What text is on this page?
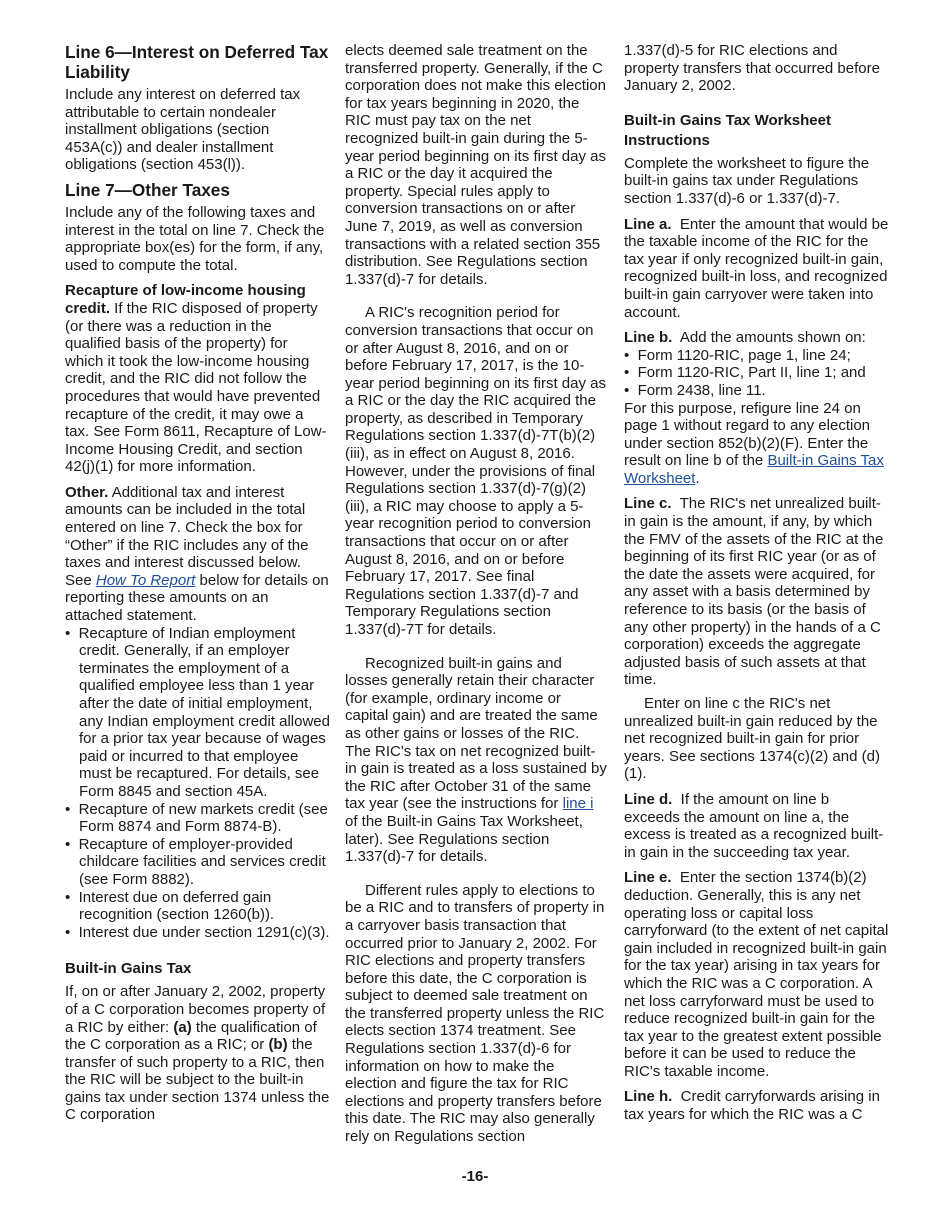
Line 6—Interest on Deferred Tax Liability

Include any interest on deferred tax attributable to certain nondealer installment obligations (section 453A(c)) and dealer installment obligations (section 453(l)).

Line 7—Other Taxes

Include any of the following taxes and interest in the total on line 7. Check the appropriate box(es) for the form, if any, used to compute the total.

Recapture of low-income housing credit. If the RIC disposed of property (or there was a reduction in the qualified basis of the property) for which it took the low-income housing credit, and the RIC did not follow the procedures that would have prevented recapture of the credit, it may owe a tax. See Form 8611, Recapture of Low-Income Housing Credit, and section 42(j)(1) for more information.

Other. Additional tax and interest amounts can be included in the total entered on line 7. Check the box for “Other” if the RIC includes any of the taxes and interest discussed below. See How To Report below for details on reporting these amounts on an attached statement.

•  Recapture of Indian employment credit. Generally, if an employer terminates the employment of a qualified employee less than 1 year after the date of initial employment, any Indian employment credit allowed for a prior tax year because of wages paid or incurred to that employee must be recaptured. For details, see Form 8845 and section 45A.

•  Recapture of new markets credit (see Form 8874 and Form 8874-B).

•  Recapture of employer-provided childcare facilities and services credit (see Form 8882).

•  Interest due on deferred gain recognition (section 1260(b)).

•  Interest due under section 1291(c)(3).

Built-in Gains Tax

If, on or after January 2, 2002, property of a C corporation becomes property of a RIC by either: (a) the qualification of the C corporation as a RIC; or (b) the transfer of such property to a RIC, then the RIC will be subject to the built-in gains tax under section 1374 unless the C corporation

elects deemed sale treatment on the transferred property. Generally, if the C corporation does not make this election for tax years beginning in 2020, the RIC must pay tax on the net recognized built-in gain during the 5-year period beginning on its first day as a RIC or the day it acquired the property. Special rules apply to conversion transactions on or after June 7, 2019, as well as conversion transactions with a related section 355 distribution. See Regulations section 1.337(d)-7 for details.

A RIC's recognition period for conversion transactions that occur on or after August 8, 2016, and on or before February 17, 2017, is the 10-year period beginning on its first day as a RIC or the day the RIC acquired the property, as described in Temporary Regulations section 1.337(d)-7T(b)(2)(iii), as in effect on August 8, 2016. However, under the provisions of final Regulations section 1.337(d)-7(g)(2)(iii), a RIC may choose to apply a 5-year recognition period to conversion transactions that occur on or after August 8, 2016, and on or before February 17, 2017. See final Regulations section 1.337(d)-7 and Temporary Regulations section 1.337(d)-7T for details.

Recognized built-in gains and losses generally retain their character (for example, ordinary income or capital gain) and are treated the same as other gains or losses of the RIC. The RIC's tax on net recognized built-in gain is treated as a loss sustained by the RIC after October 31 of the same tax year (see the instructions for line i of the Built-in Gains Tax Worksheet, later). See Regulations section 1.337(d)-7 for details.

Different rules apply to elections to be a RIC and to transfers of property in a carryover basis transaction that occurred prior to January 2, 2002. For RIC elections and property transfers before this date, the C corporation is subject to deemed sale treatment on the transferred property unless the RIC elects section 1374 treatment. See Regulations section 1.337(d)-6 for information on how to make the election and figure the tax for RIC elections and property transfers before this date. The RIC may also generally rely on Regulations section

1.337(d)-5 for RIC elections and property transfers that occurred before January 2, 2002.

Built-in Gains Tax Worksheet Instructions

Complete the worksheet to figure the built-in gains tax under Regulations section 1.337(d)-6 or 1.337(d)-7.

Line a.  Enter the amount that would be the taxable income of the RIC for the tax year if only recognized built-in gain, recognized built-in loss, and recognized built-in gain carryover were taken into account.

Line b.  Add the amounts shown on:

•  Form 1120-RIC, page 1, line 24;

•  Form 1120-RIC, Part II, line 1; and

•  Form 2438, line 11.

For this purpose, refigure line 24 on page 1 without regard to any election under section 852(b)(2)(F). Enter the result on line b of the Built-in Gains Tax Worksheet.

Line c.  The RIC's net unrealized built-in gain is the amount, if any, by which the FMV of the assets of the RIC at the beginning of its first RIC year (or as of the date the assets were acquired, for any asset with a basis determined by reference to its basis (or the basis of any other property) in the hands of a C corporation) exceeds the aggregate adjusted basis of such assets at that time.

Enter on line c the RIC's net unrealized built-in gain reduced by the net recognized built-in gain for prior years. See sections 1374(c)(2) and (d)(1).

Line d.  If the amount on line b exceeds the amount on line a, the excess is treated as a recognized built-in gain in the succeeding tax year.

Line e.  Enter the section 1374(b)(2) deduction. Generally, this is any net operating loss or capital loss carryforward (to the extent of net capital gain included in recognized built-in gain for the tax year) arising in tax years for which the RIC was a C corporation. A net loss carryforward must be used to reduce recognized built-in gain for the tax year to the greatest extent possible before it can be used to reduce the RIC's taxable income.

Line h.  Credit carryforwards arising in tax years for which the RIC was a C

-16-
